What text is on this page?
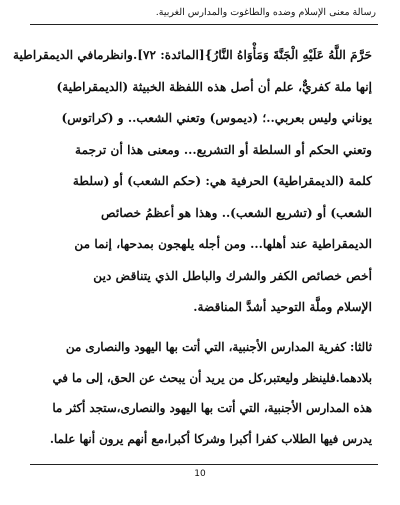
رسالة معنى الإسلام وضده والطاغوت والمدارس الغربية.
حَرَّمَ اللَّهُ عَلَيْهِ الْجَنَّةَ وَمَأْوَاهُ النَّارُ}[المائدة: ٧٢].وانظرمافي الديمقراطية
إنها ملة كفريٌّ، علم أن أصل هذه اللفظة الخبيثة (الديمقراطية)
يوناني وليس بعربي..؛ (ديموس) وتعني الشعب.. و (كراتوس)
وتعني الحكم أو السلطة أو التشريع... ومعنى هذا أن ترجمة
كلمة (الديمقراطية) الحرفية هي: (حكم الشعب) أو (سلطة
الشعب) أو (تشريع الشعب).. وهذا هو أعظمُ خصائص
الديمقراطية عند أهلها... ومن أجله يلهجون بمدحها، إنما من
أخص خصائص الكفر والشرك والباطل الذي يتناقض دين
الإسلام وملَّة التوحيد أشدَّ المناقضة.
ثالثا: كفرية المدارس الأجنبية، التي أتت بها اليهود والنصارى من
بلادهما.فلينظر وليعتبر،كل من يريد أن يبحث عن الحق، إلى ما في
هذه المدارس الأجنبية، التي أتت بها اليهود والنصارى،ستجد أكثر ما
يدرس فيها الطلاب كفرا أكبرا وشركا أكبرا،مع أنهم يرون أنها علما.
10
